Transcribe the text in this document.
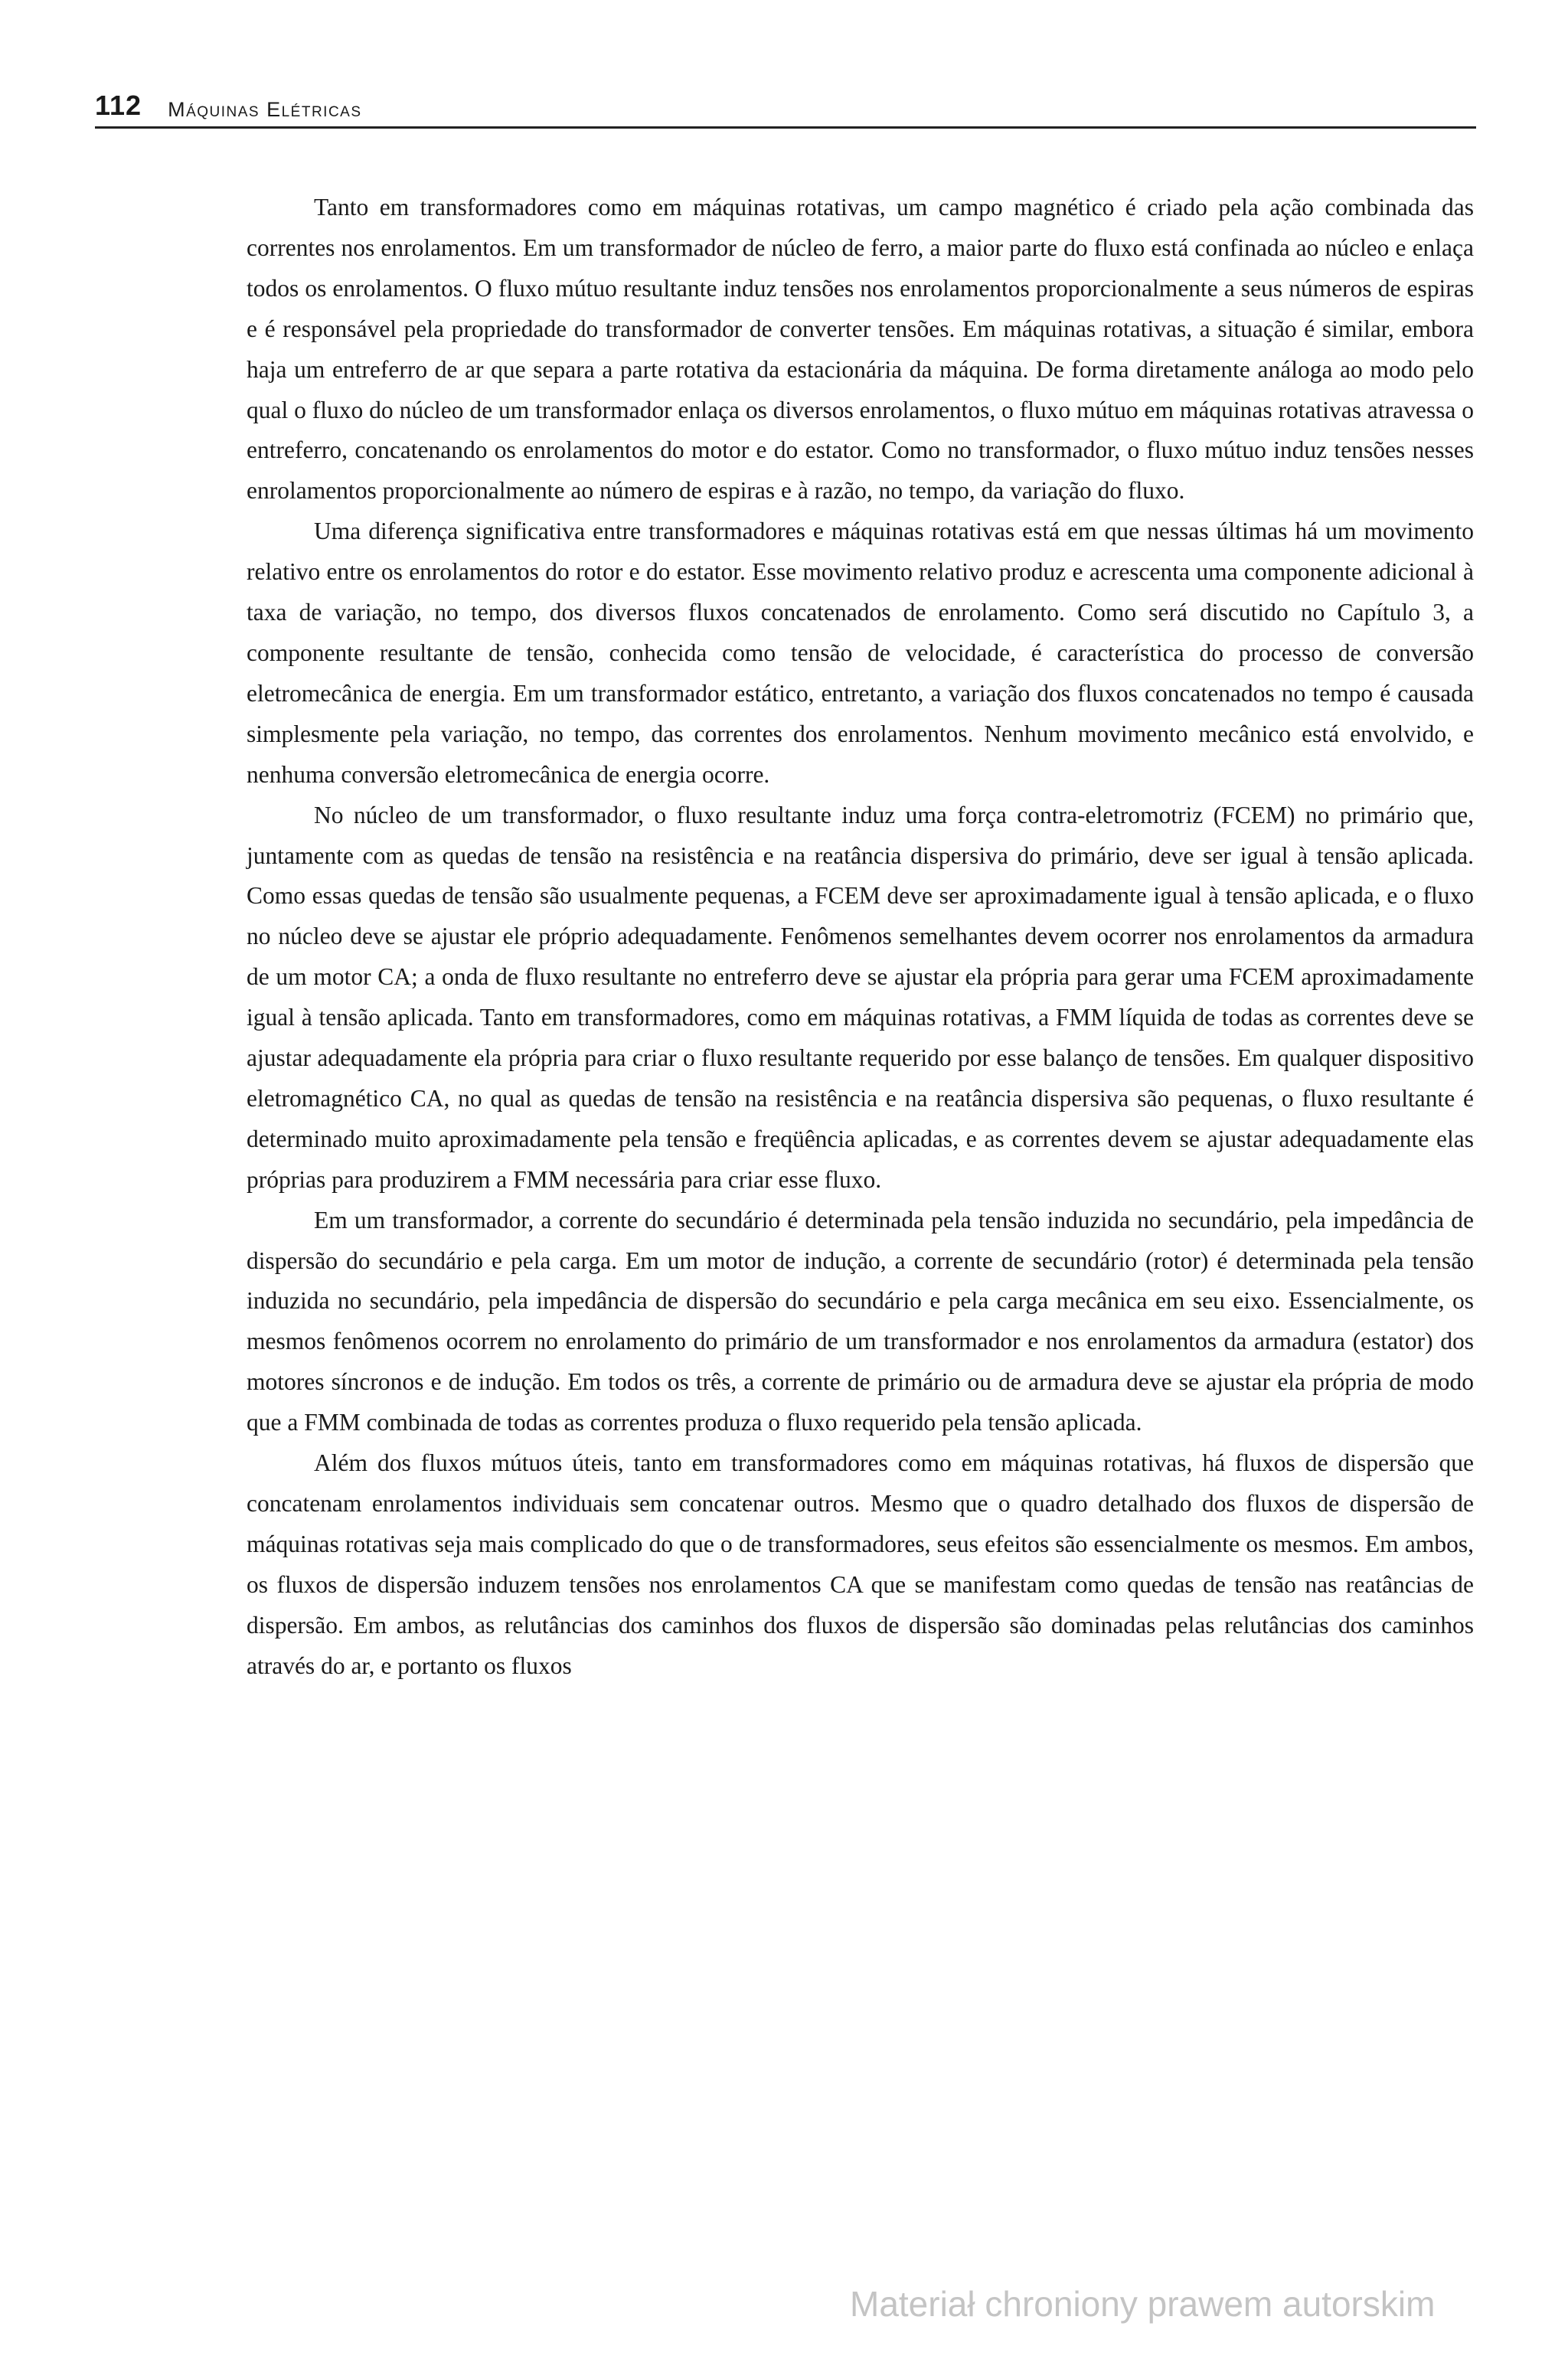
112 Máquinas Elétricas

Tanto em transformadores como em máquinas rotativas, um campo magnético é criado pela ação combinada das correntes nos enrolamentos. Em um transformador de núcleo de ferro, a maior parte do fluxo está confinada ao núcleo e enlaça todos os enrolamentos. O fluxo mútuo resultante induz tensões nos enrolamentos proporcionalmente a seus números de espiras e é responsável pela propriedade do transformador de converter tensões. Em máquinas rotativas, a situação é similar, embora haja um entreferro de ar que separa a parte rotativa da estacionária da máquina. De forma diretamente análoga ao modo pelo qual o fluxo do núcleo de um transformador enlaça os diversos enrolamentos, o fluxo mútuo em máquinas rotativas atravessa o entreferro, concatenando os enrolamentos do motor e do estator. Como no transformador, o fluxo mútuo induz tensões nesses enrolamentos proporcionalmente ao número de espiras e à razão, no tempo, da variação do fluxo.

Uma diferença significativa entre transformadores e máquinas rotativas está em que nessas últimas há um movimento relativo entre os enrolamentos do rotor e do estator. Esse movimento relativo produz e acrescenta uma componente adicional à taxa de variação, no tempo, dos diversos fluxos concatenados de enrolamento. Como será discutido no Capítulo 3, a componente resultante de tensão, conhecida como tensão de velocidade, é característica do processo de conversão eletromecânica de energia. Em um transformador estático, entretanto, a variação dos fluxos concatenados no tempo é causada simplesmente pela variação, no tempo, das correntes dos enrolamentos. Nenhum movimento mecânico está envolvido, e nenhuma conversão eletromecânica de energia ocorre.

No núcleo de um transformador, o fluxo resultante induz uma força contra-eletromotriz (FCEM) no primário que, juntamente com as quedas de tensão na resistência e na reatância dispersiva do primário, deve ser igual à tensão aplicada. Como essas quedas de tensão são usualmente pequenas, a FCEM deve ser aproximadamente igual à tensão aplicada, e o fluxo no núcleo deve se ajustar ele próprio adequadamente. Fenômenos semelhantes devem ocorrer nos enrolamentos da armadura de um motor CA; a onda de fluxo resultante no entreferro deve se ajustar ela própria para gerar uma FCEM aproximadamente igual à tensão aplicada. Tanto em transformadores, como em máquinas rotativas, a FMM líquida de todas as correntes deve se ajustar adequadamente ela própria para criar o fluxo resultante requerido por esse balanço de tensões. Em qualquer dispositivo eletromagnético CA, no qual as quedas de tensão na resistência e na reatância dispersiva são pequenas, o fluxo resultante é determinado muito aproximadamente pela tensão e freqüência aplicadas, e as correntes devem se ajustar adequadamente elas próprias para produzirem a FMM necessária para criar esse fluxo.

Em um transformador, a corrente do secundário é determinada pela tensão induzida no secundário, pela impedância de dispersão do secundário e pela carga. Em um motor de indução, a corrente de secundário (rotor) é determinada pela tensão induzida no secundário, pela impedância de dispersão do secundário e pela carga mecânica em seu eixo. Essencialmente, os mesmos fenômenos ocorrem no enrolamento do primário de um transformador e nos enrolamentos da armadura (estator) dos motores síncronos e de indução. Em todos os três, a corrente de primário ou de armadura deve se ajustar ela própria de modo que a FMM combinada de todas as correntes produza o fluxo requerido pela tensão aplicada.

Além dos fluxos mútuos úteis, tanto em transformadores como em máquinas rotativas, há fluxos de dispersão que concatenam enrolamentos individuais sem concatenar outros. Mesmo que o quadro detalhado dos fluxos de dispersão de máquinas rotativas seja mais complicado do que o de transformadores, seus efeitos são essencialmente os mesmos. Em ambos, os fluxos de dispersão induzem tensões nos enrolamentos CA que se manifestam como quedas de tensão nas reatâncias de dispersão. Em ambos, as relutâncias dos caminhos dos fluxos de dispersão são dominadas pelas relutâncias dos caminhos através do ar, e portanto os fluxos

Materiał chroniony prawem autorskim
